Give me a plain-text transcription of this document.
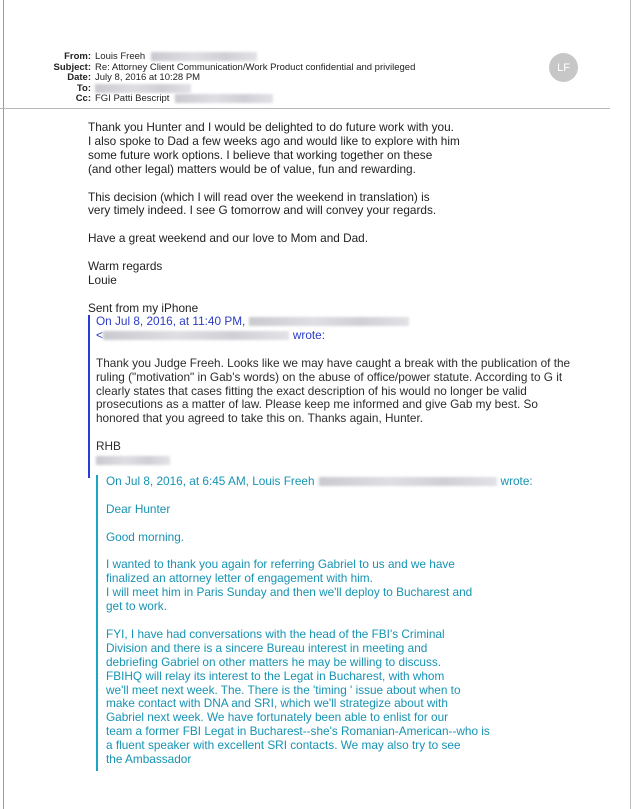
From: Louis Freeh
Subject: Re: Attorney Client Communication/Work Product confidential and privileged
Date: July 8, 2016 at 10:28 PM
To:
Cc: FGI Patti Bescript
LF

Thank you Hunter and I would be delighted to do future work with you.
I also spoke to Dad a few weeks ago and would like to explore with him
some future work options. I believe that working together on these
(and other legal) matters would be of value, fun and rewarding.

This decision (which I will read over the weekend in translation) is
very timely indeed. I see G tomorrow and will convey your regards.

Have a great weekend and our love to Mom and Dad.

Warm regards
Louie

Sent from my iPhone

On Jul 8, 2016, at 11:40 PM,
<	wrote:

Thank you Judge Freeh. Looks like we may have caught a break with the publication of the
ruling ("motivation" in Gab's words) on the abuse of office/power statute. According to G it
clearly states that cases fitting the exact description of his would no longer be valid
prosecutions as a matter of law. Please keep me informed and give Gab my best. So
honored that you agreed to take this on. Thanks again, Hunter.

RHB

On Jul 8, 2016, at 6:45 AM, Louis Freeh	wrote:

Dear Hunter

Good morning.

I wanted to thank you again for referring Gabriel to us and we have
finalized an attorney letter of engagement with him.
I will meet him in Paris Sunday and then we'll deploy to Bucharest and
get to work.

FYI, I have had conversations with the head of the FBI's Criminal
Division and there is a sincere Bureau interest in meeting and
debriefing Gabriel on other matters he may be willing to discuss.
FBIHQ will relay its interest to the Legat in Bucharest, with whom
we'll meet next week. The. There is the 'timing ' issue about when to
make contact with DNA and SRI, which we'll strategize about with
Gabriel next week. We have fortunately been able to enlist for our
team a former FBI Legat in Bucharest--she's Romanian-American--who is
a fluent speaker with excellent SRI contacts. We may also try to see
the Ambassador
